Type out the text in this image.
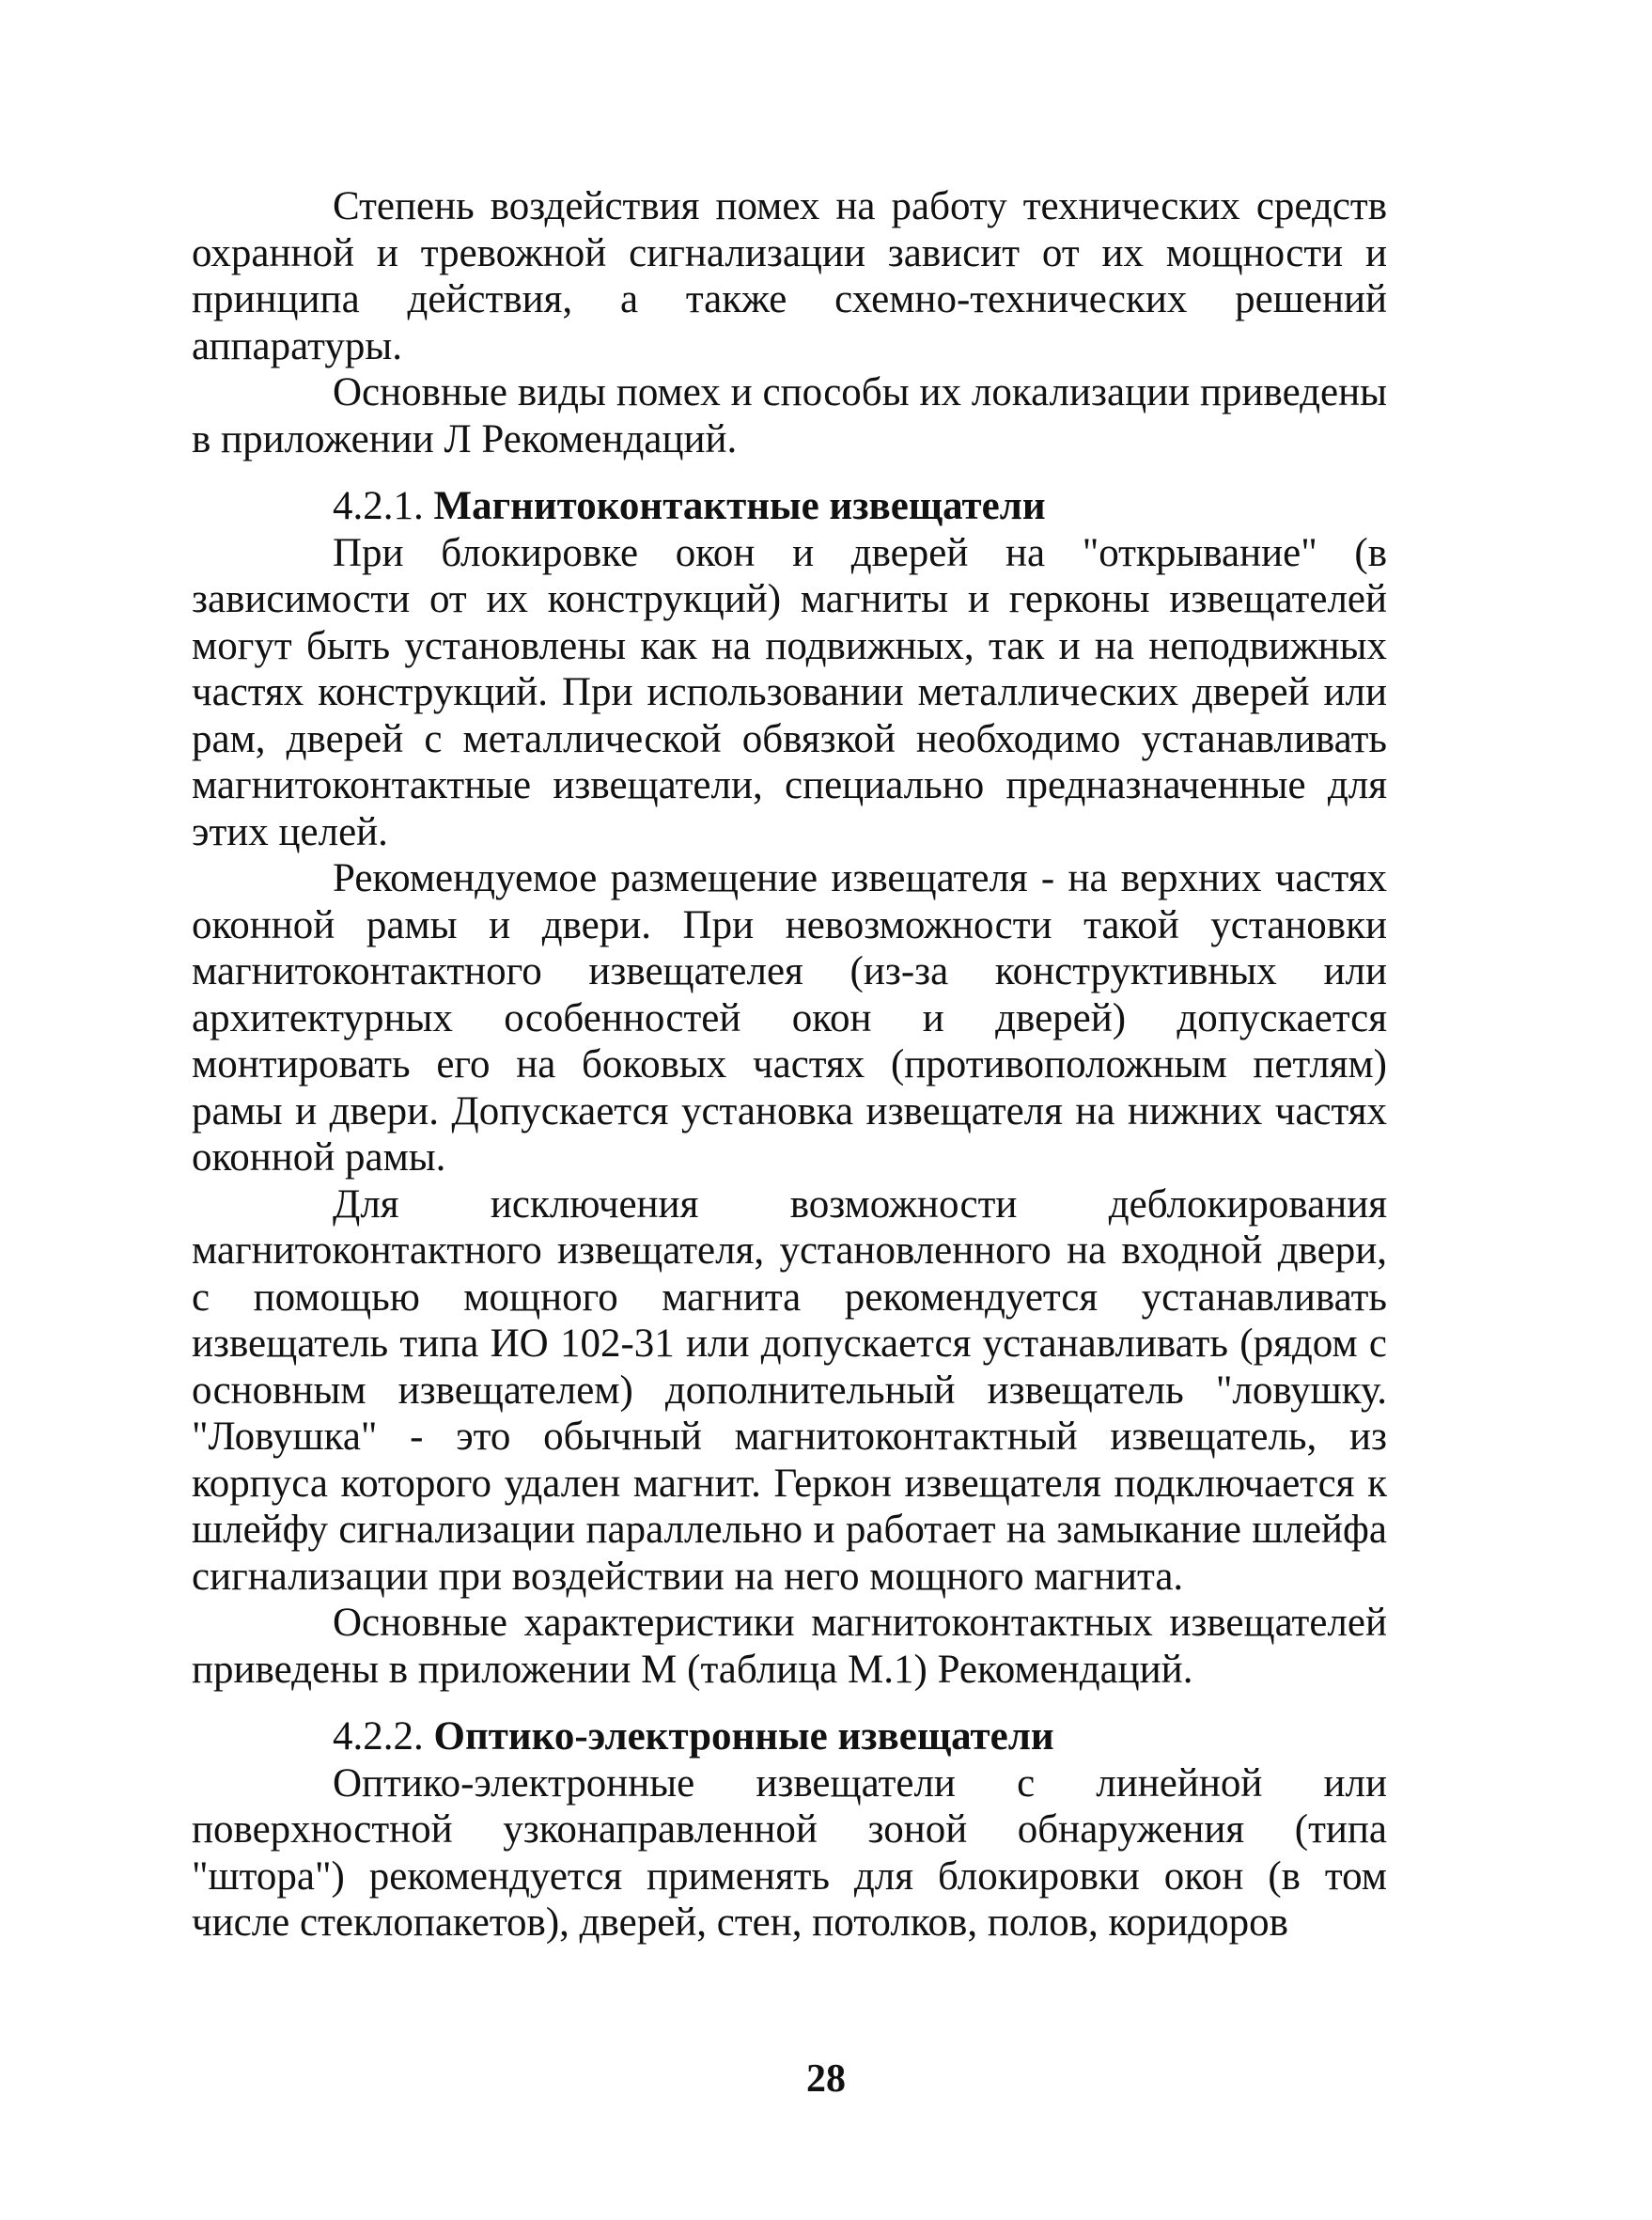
Степень воздействия помех на работу технических средств охранной и тревожной сигнализации зависит от их мощности и принципа действия, а также схемно-технических решений аппаратуры.

Основные виды помех и способы их локализации приведены в приложении Л Рекомендаций.

4.2.1. Магнитоконтактные извещатели

При блокировке окон и дверей на "открывание" (в зависимости от их конструкций) магниты и герконы извещателей могут быть установлены как на подвижных, так и на неподвижных частях конструкций. При использовании металлических дверей или рам, дверей с металлической обвязкой необходимо устанавливать магнитоконтактные извещатели, специально предназначенные для этих целей.

Рекомендуемое размещение извещателя - на верхних частях оконной рамы и двери. При невозможности такой установки магнитоконтактного извещателея (из-за конструктивных или архитектурных особенностей окон и дверей) допускается монтировать его на боковых частях (противоположным петлям) рамы и двери. Допускается установка извещателя на нижних частях оконной рамы.

Для исключения возможности деблокирования магнитоконтактного извещателя, установленного на входной двери, с помощью мощного магнита рекомендуется устанавливать извещатель типа ИО 102-31 или допускается устанавливать (рядом с основным извещателем) дополнительный извещатель "ловушку. "Ловушка" - это обычный магнитоконтактный извещатель, из корпуса которого удален магнит. Геркон извещателя подключается к шлейфу сигнализации параллельно и работает на замыкание шлейфа сигнализации при воздействии на него мощного магнита.

Основные характеристики магнитоконтактных извещателей приведены в приложении М (таблица М.1) Рекомендаций.

4.2.2. Оптико-электронные извещатели

Оптико-электронные извещатели с линейной или поверхностной узконаправленной зоной обнаружения (типа "штора") рекомендуется применять для блокировки окон (в том числе стеклопакетов), дверей, стен, потолков, полов, коридоров

28
